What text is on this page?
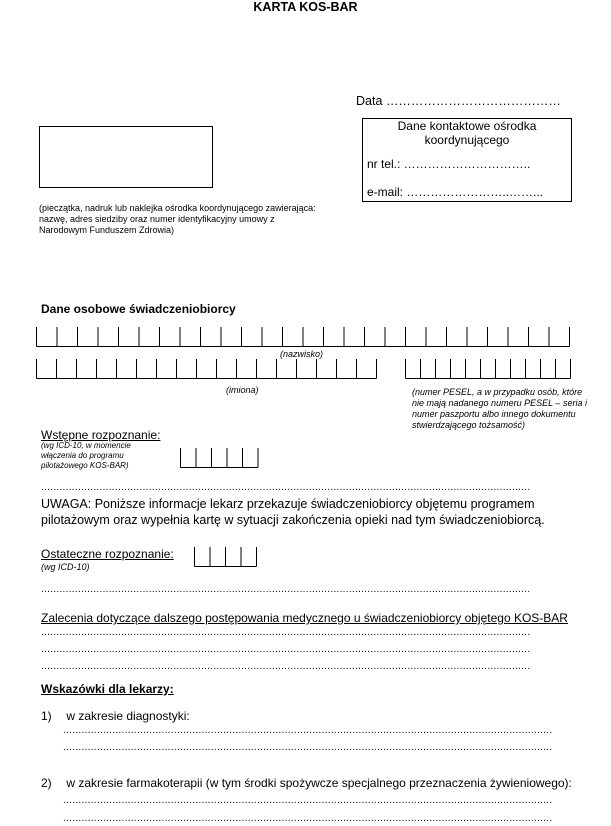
KARTA KOS-BAR
Data ……………………………………
(pieczątka, nadruk lub naklejka ośrodka koordynującego zawierająca: nazwę, adres siedziby oraz numer identyfikacyjny umowy z Narodowym Funduszem Zdrowia)
Dane kontaktowe ośrodka koordynującego
nr tel.: …………………………..
e-mail: ……………………..……...
Dane osobowe świadczeniobiorcy
(nazwisko)
(imiona)	(numer PESEL, a w przypadku osób, które nie mają nadanego numeru PESEL – seria i numer paszportu albo innego dokumentu stwierdzającego tożsamość)
Wstępne rozpoznanie:
(wg ICD-10, w momencie włączenia do programu pilotażowego KOS-BAR)
...............................................................................................................................................................
UWAGA: Poniższe informacje lekarz przekazuje świadczeniobiorcy objętemu programem pilotażowym oraz wypełnia kartę w sytuacji zakończenia opieki nad tym świadczeniobiorcą.
Ostateczne rozpoznanie:
(wg ICD-10)
...............................................................................................................................................................
Zalecenia dotyczące dalszego postępowania medycznego u świadczeniobiorcy objętego KOS-BAR
...............................................................................................................................................................
...............................................................................................................................................................
...............................................................................................................................................................
Wskazówki dla lekarzy:
1) w zakresie diagnostyki:
...............................................................................................................................................................
...............................................................................................................................................................
2) w zakresie farmakoterapii (w tym środki spożywcze specjalnego przeznaczenia żywieniowego):
...............................................................................................................................................................
...............................................................................................................................................................
